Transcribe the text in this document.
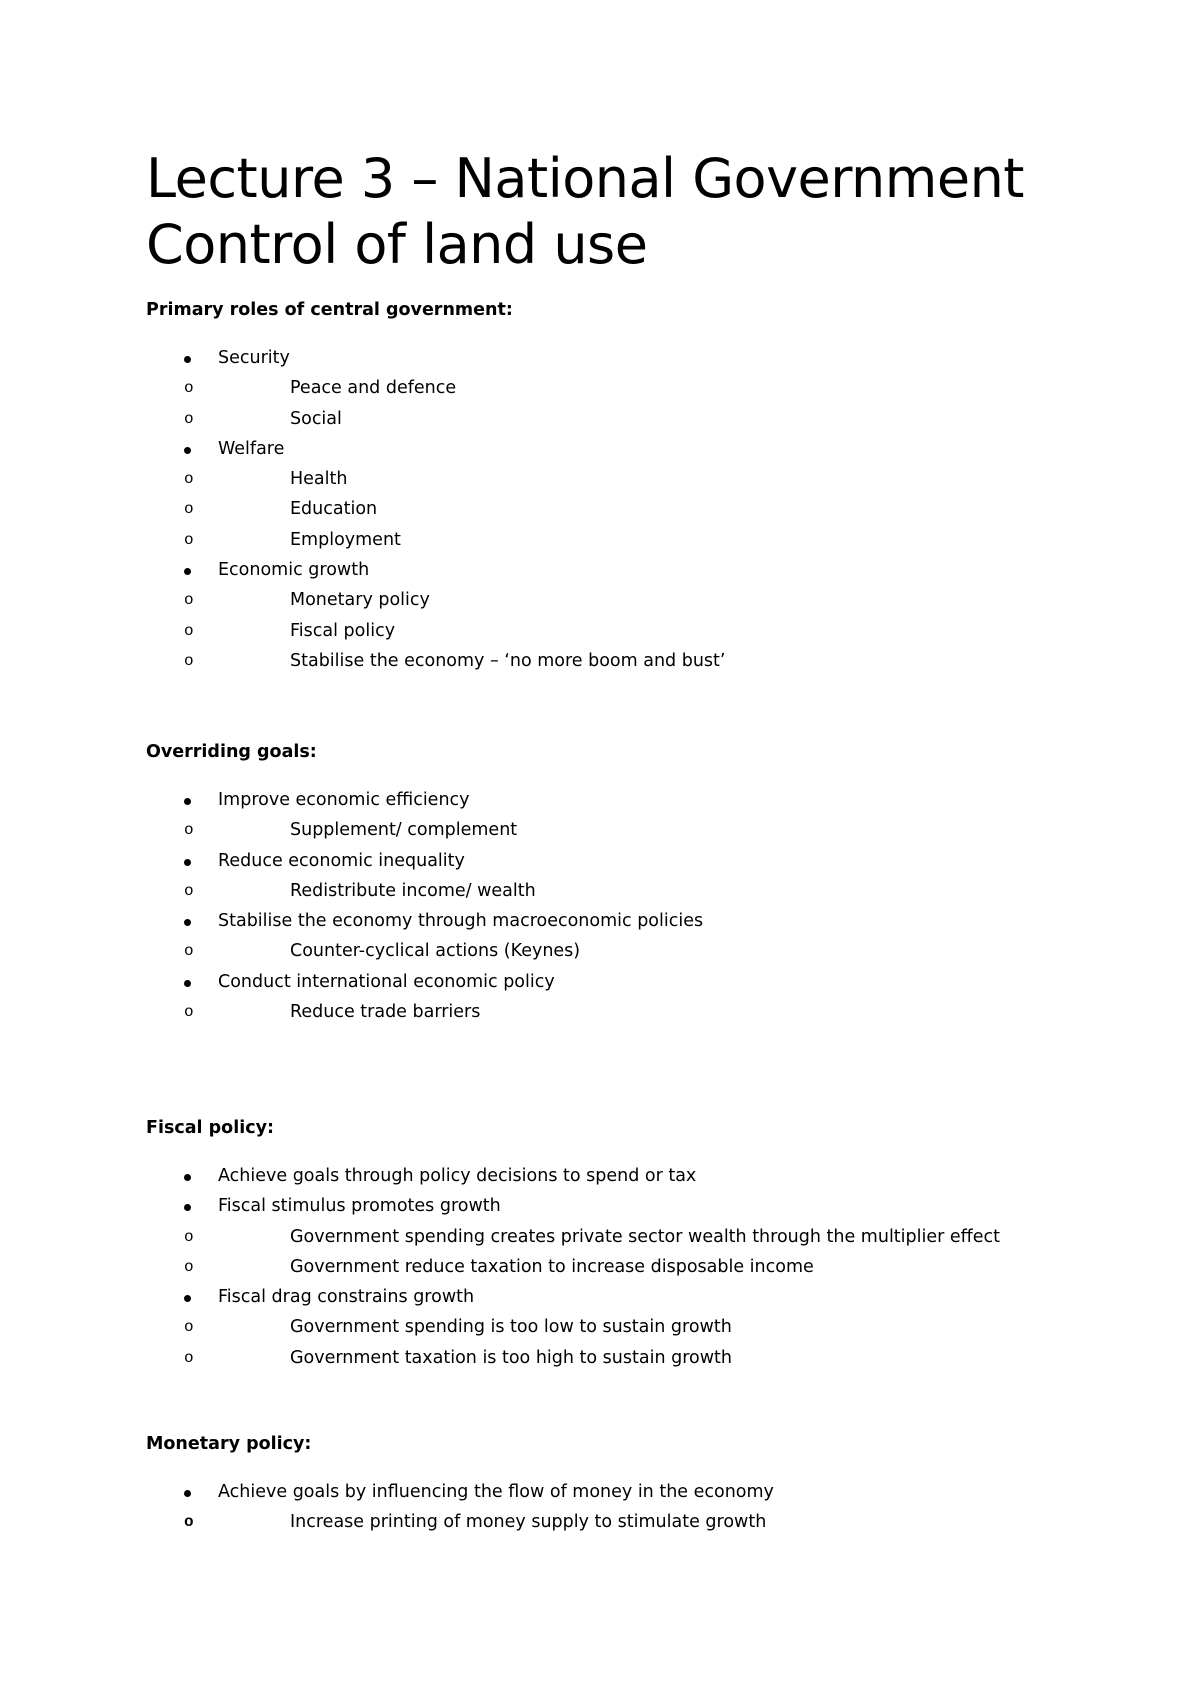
Lecture 3 – National Government
Control of land use
Primary roles of central government:
Security
o	Peace and defence
o	Social
Welfare
o	Health
o	Education
o	Employment
Economic growth
o	Monetary policy
o	Fiscal policy
o	Stabilise the economy – ‘no more boom and bust’
Overriding goals:
Improve economic efficiency
o	Supplement/ complement
Reduce economic inequality
o	Redistribute income/ wealth
Stabilise the economy through macroeconomic policies
o	Counter-cyclical actions (Keynes)
Conduct international economic policy
o	Reduce trade barriers
Fiscal policy:
Achieve goals through policy decisions to spend or tax
Fiscal stimulus promotes growth
o	Government spending creates private sector wealth through the multiplier effect
o	Government reduce taxation to increase disposable income
Fiscal drag constrains growth
o	Government spending is too low to sustain growth
o	Government taxation is too high to sustain growth
Monetary policy:
Achieve goals by influencing the flow of money in the economy
o	Increase printing of money supply to stimulate growth
